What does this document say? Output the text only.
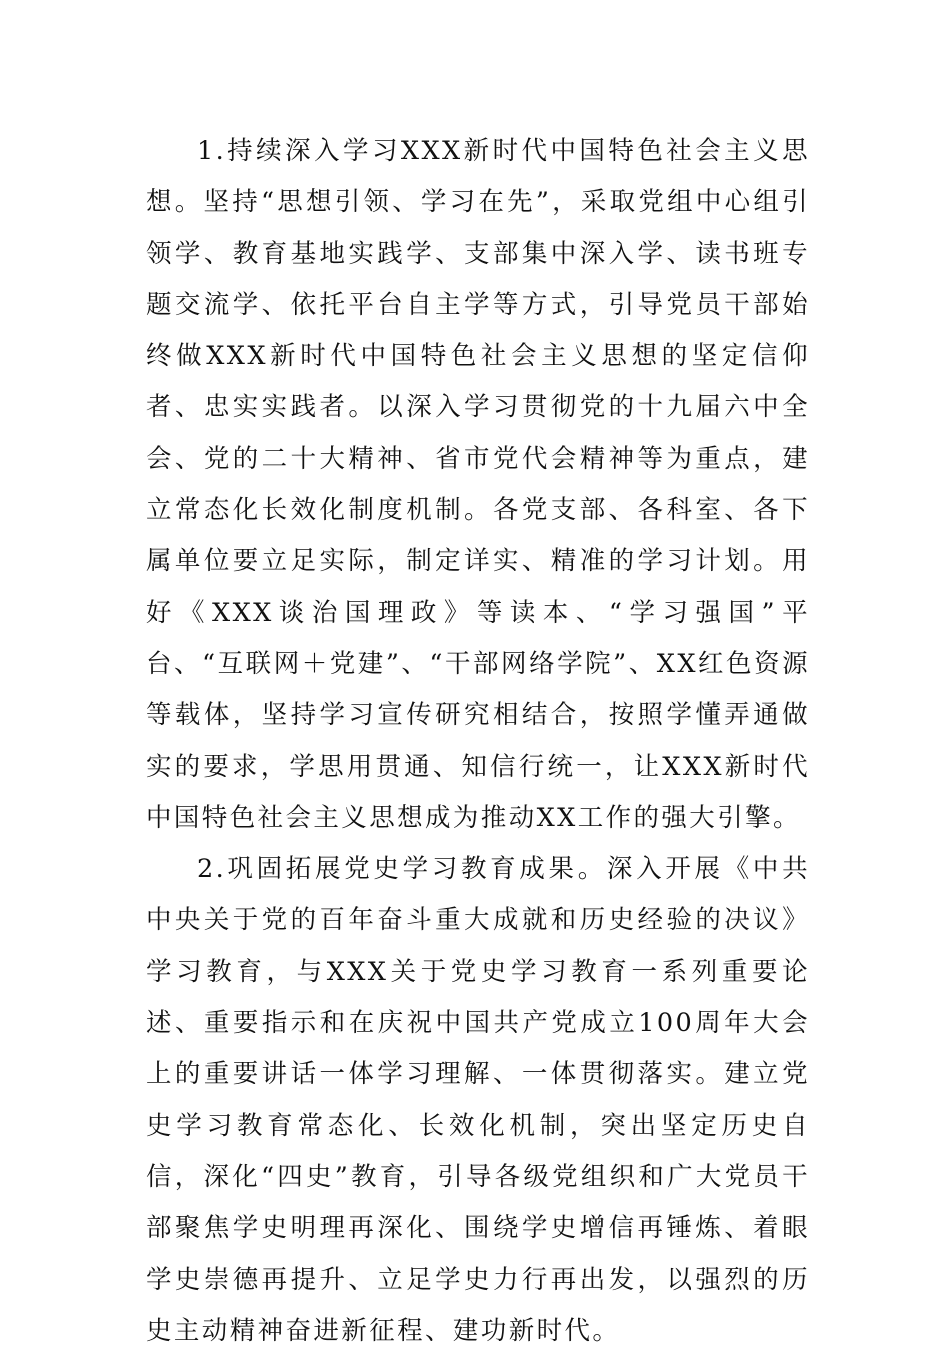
1.持续深入学习XXX新时代中国特色社会主义思想。坚持“思想引领、学习在先”，采取党组中心组引领学、教育基地实践学、支部集中深入学、读书班专题交流学、依托平台自主学等方式，引导党员干部始终做XXX新时代中国特色社会主义思想的坚定信仰者、忠实实践者。以深入学习贯彻党的十九届六中全会、党的二十大精神、省市党代会精神等为重点，建立常态化长效化制度机制。各党支部、各科室、各下属单位要立足实际，制定详实、精准的学习计划。用好《XXX谈治国理政》等读本、“学习强国”平台、“互联网＋党建”、“干部网络学院”、XX红色资源等载体，坚持学习宣传研究相结合，按照学懂弄通做实的要求，学思用贯通、知信行统一，让XXX新时代中国特色社会主义思想成为推动XX工作的强大引擎。

2.巩固拓展党史学习教育成果。深入开展《中共中央关于党的百年奋斗重大成就和历史经验的决议》学习教育，与XXX关于党史学习教育一系列重要论述、重要指示和在庆祝中国共产党成立100周年大会上的重要讲话一体学习理解、一体贯彻落实。建立党史学习教育常态化、长效化机制，突出坚定历史自信，深化“四史”教育，引导各级党组织和广大党员干部聚焦学史明理再深化、围绕学史增信再锤炼、着眼学史崇德再提升、立足学史力行再出发，以强烈的历史主动精神奋进新征程、建功新时代。
